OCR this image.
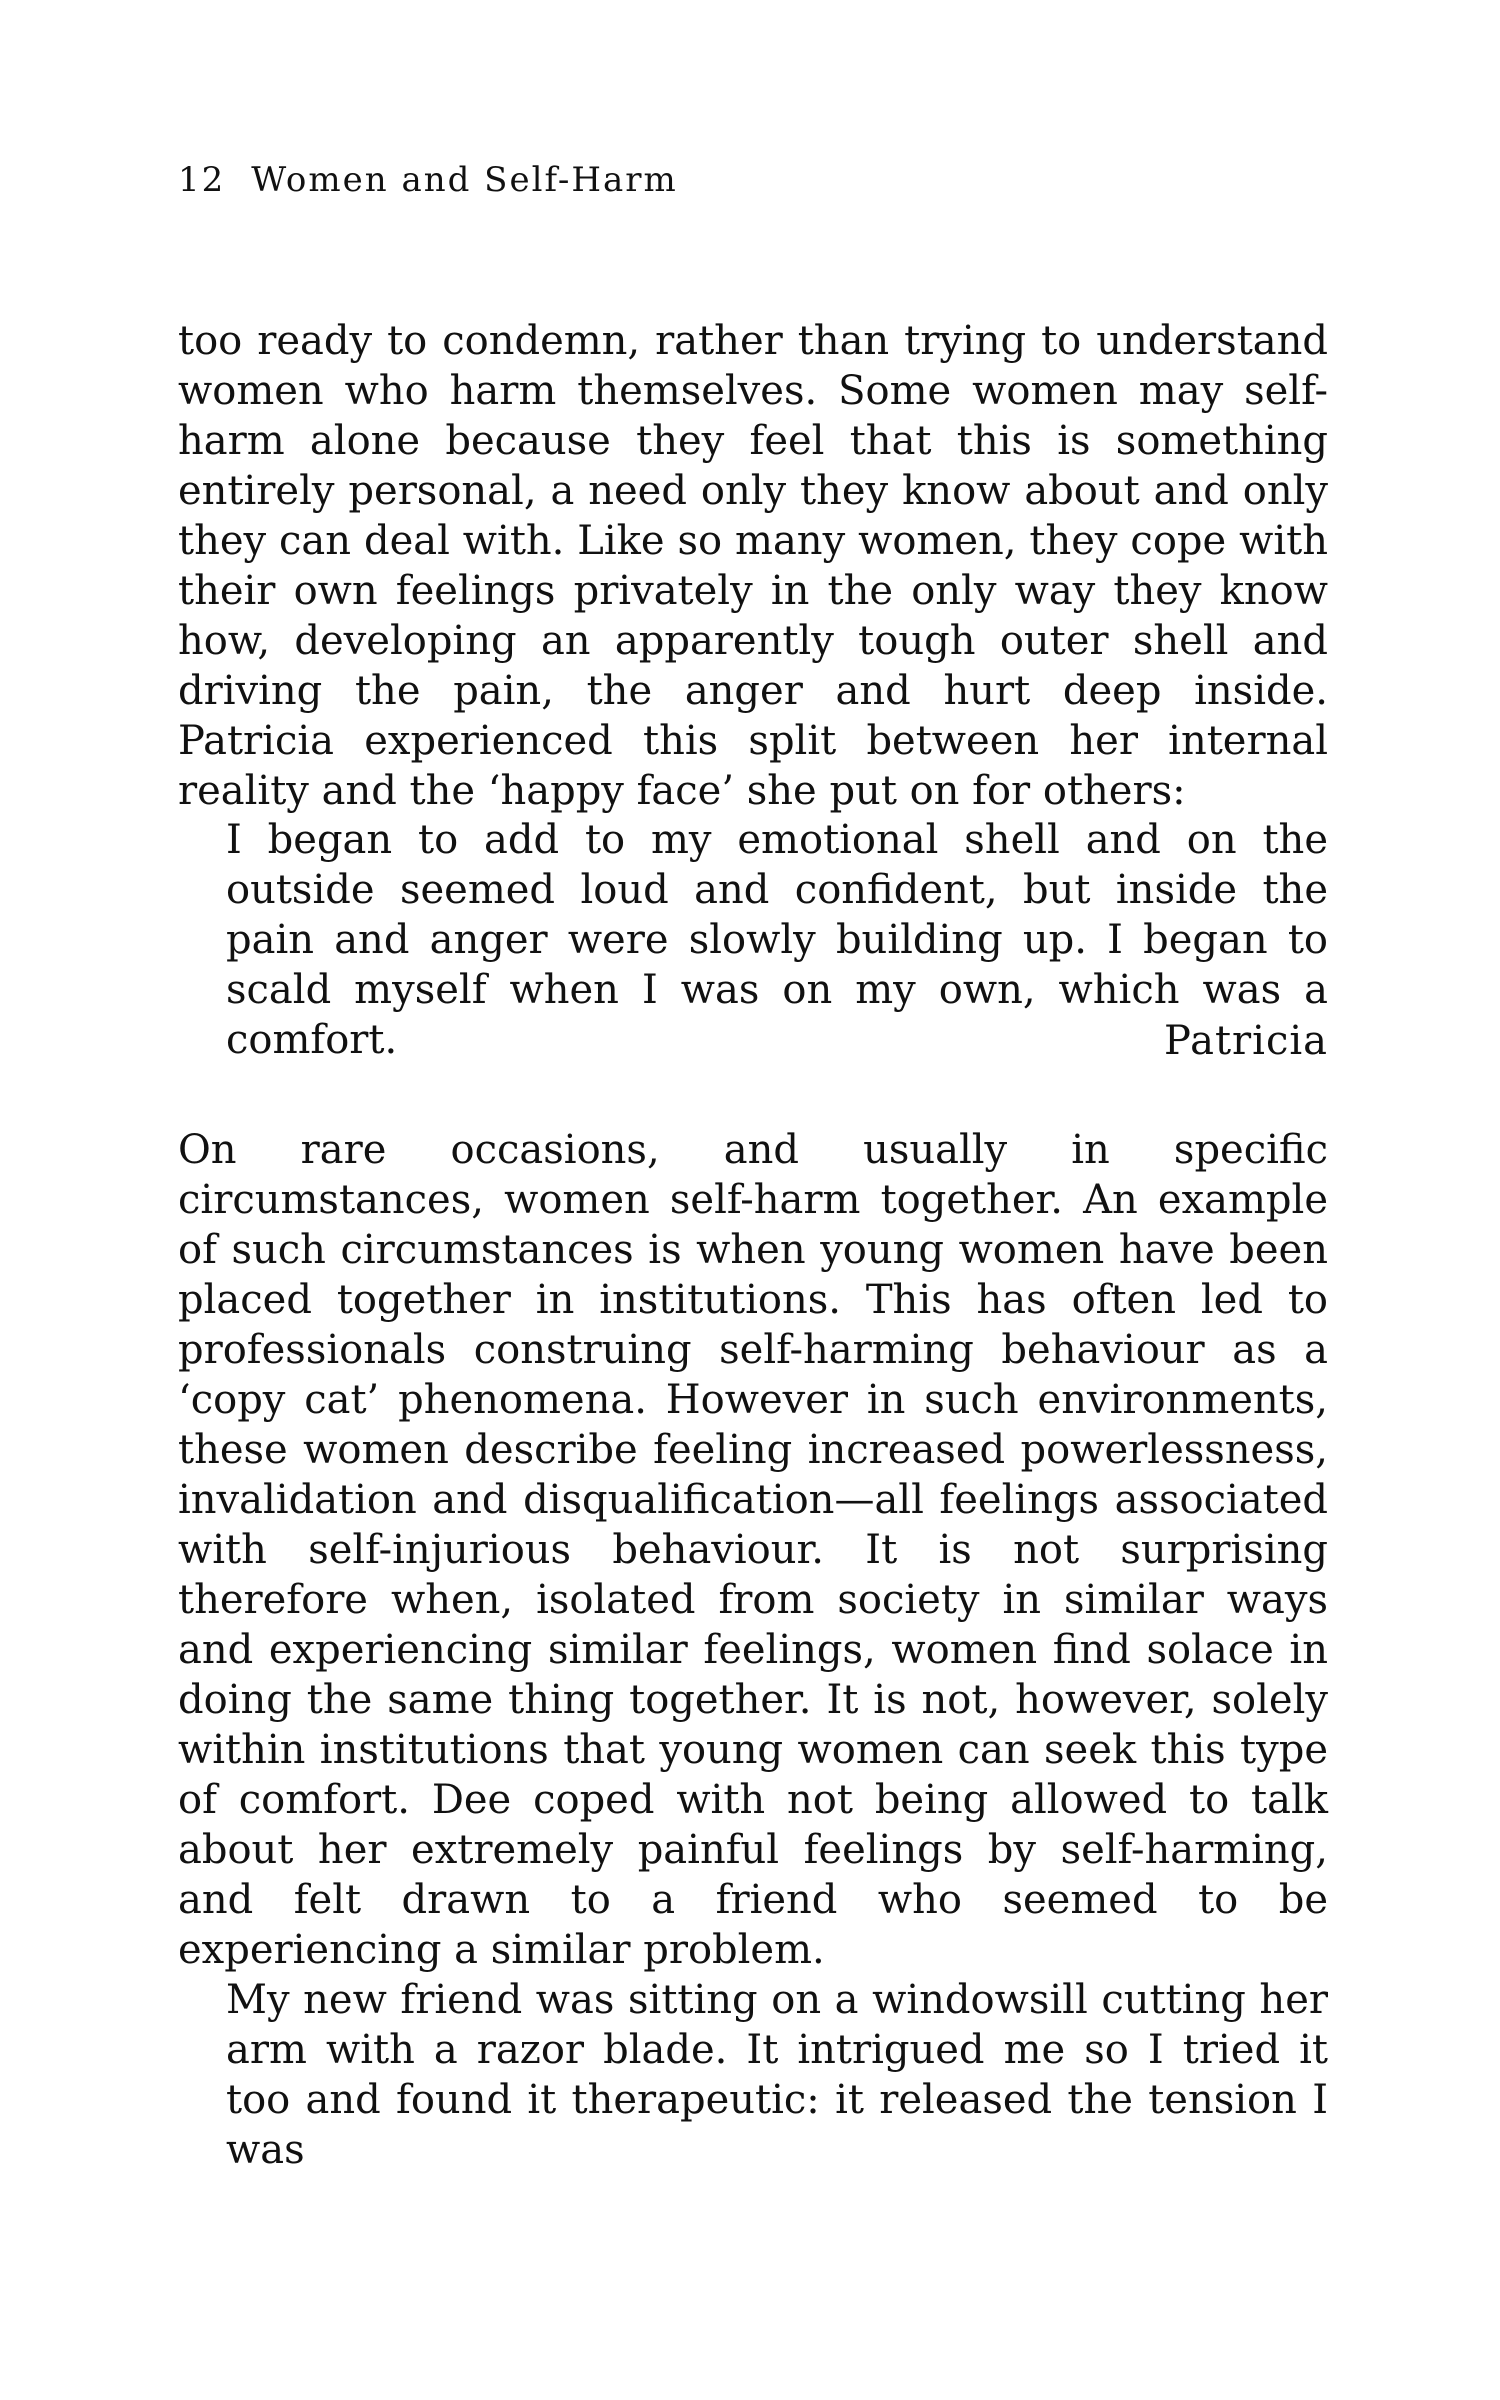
12 Women and Self-Harm

too ready to condemn, rather than trying to understand women who harm themselves. Some women may self-harm alone because they feel that this is something entirely personal, a need only they know about and only they can deal with. Like so many women, they cope with their own feelings privately in the only way they know how, developing an apparently tough outer shell and driving the pain, the anger and hurt deep inside. Patricia experienced this split between her internal reality and the ‘happy face’ she put on for others:

I began to add to my emotional shell and on the outside seemed loud and confident, but inside the pain and anger were slowly building up. I began to scald myself when I was on my own, which was a comfort.	Patricia

On rare occasions, and usually in specific circumstances, women self-harm together. An example of such circumstances is when young women have been placed together in institutions. This has often led to professionals construing self-harming behaviour as a ‘copy cat’ phenomena. However in such environments, these women describe feeling increased powerlessness, invalidation and disqualification—all feelings associated with self-injurious behaviour. It is not surprising therefore when, isolated from society in similar ways and experiencing similar feelings, women find solace in doing the same thing together. It is not, however, solely within institutions that young women can seek this type of comfort. Dee coped with not being allowed to talk about her extremely painful feelings by self-harming, and felt drawn to a friend who seemed to be experiencing a similar problem.

My new friend was sitting on a windowsill cutting her arm with a razor blade. It intrigued me so I tried it too and found it therapeutic: it released the tension I was
